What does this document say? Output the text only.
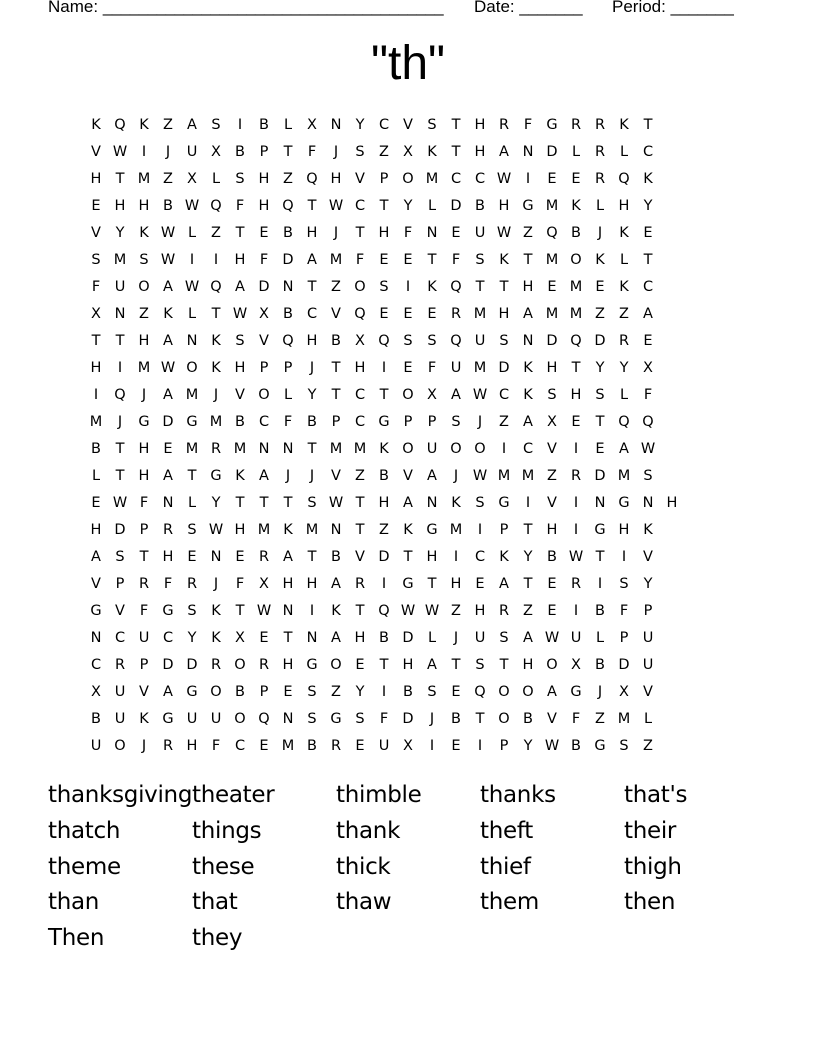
Name: ______________________________________ Date: _______ Period: _______
"th"
K Q K Z A S	I	B	L	X N Y	C V S	T H R	F G R R K	T
V W	I	J	U X B	P	T	F	J	S Z X K	T H A N D L	R	L	C
H T M Z X	L	S H Z Q H V	P O M C C W	I	E	E R Q K
E H H B W Q F H Q T W C	T	Y	L D B H G M K	L	H Y
V	Y	K W L	Z	T	E B H	J	T H F N E U W Z Q B	J	K	E
S M S W	I	I	H F D A M F	E	E	T	F	S	K	T M O K	L	T
F	U O A W Q A D N T	Z O S	I	K Q T	T H E M E	K C
X N Z K	L	T W X B C V Q E	E	E R M H A M M Z Z A
T	T H A N K	S V Q H B X Q S	S Q U S N D Q D R E
H	I	M W O K H P	P	J	T H	I	E	F	U M D K H T	Y	Y	X
I	Q	J	A M	J	V O L	Y	T	C	T O X A W C K	S H S	L	F
M	J	G D G M B C	F	B	P	C G P	P	S	J	Z A X E	T Q Q
B	T H E M R M N N T M M K O U O O	I	C V	I	E A W
L	T H A	T G K A	J	J	V Z B V A	J	W M M Z R D M S
E W F N	L	Y	T	T	T	S W T H A N K	S G	I	V	I	N G N H
H D P	R S W H M K M N T	Z K G M	I	P	T H	I	G H K
A S	T H E N E R A	T	B V D T H	I	C K	Y	B W T	I	V
V	P	R	F	R	J	F	X H H A R	I	G T H E A	T	E R	I	S	Y
G V	F G S	K	T W N	I	K	T Q W W Z H R Z E	I	B	F	P
N C U C	Y	K X E	T N A H B D L	J	U S A W U	L	P U
C R	P D D R O R H G O E	T H A	T	S	T H O X B D U
X U V A G O B	P	E	S Z	Y	I	B S	E Q O O A G	J	X V
B U K G U U O Q N S G S	F D	J	B	T O B V	F	Z M L
U O	J	R H F	C E M B R E U X	I	E	I	P	Y W B G S Z
thanksgiving theater	thimble	thanks	that's
thatch	things	thank	theft	their
theme	these	thick	thief	thigh
than	that	thaw	them	then
Then	they
